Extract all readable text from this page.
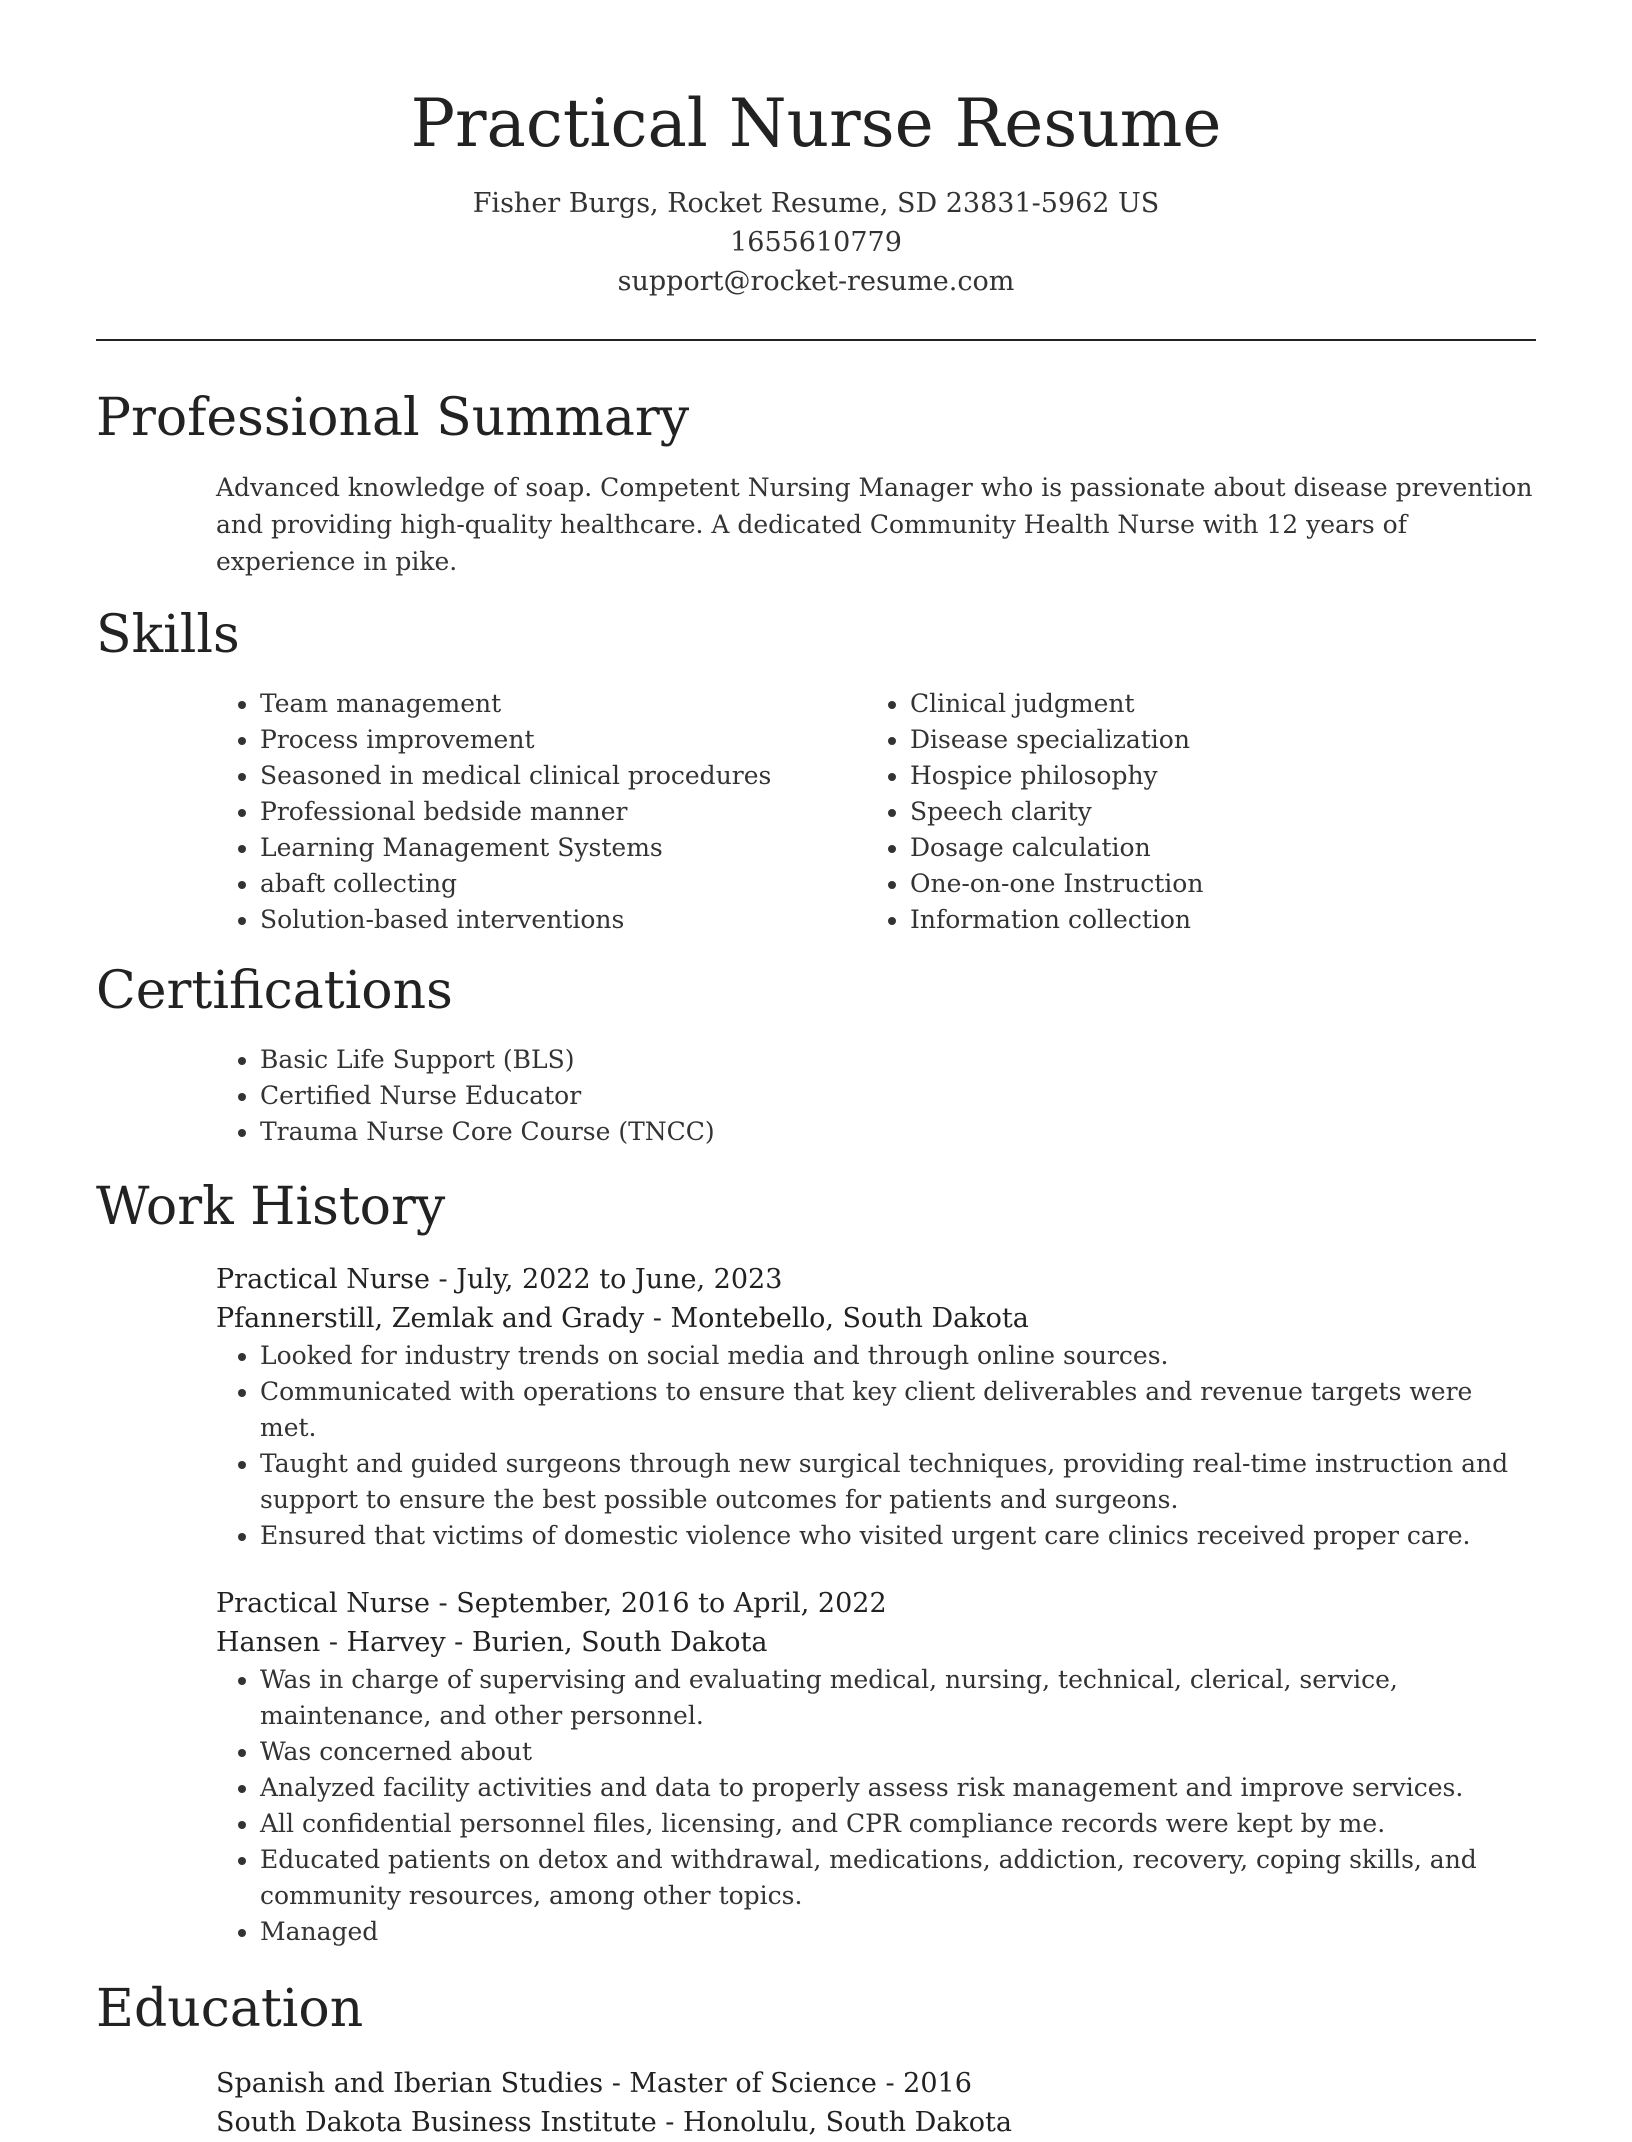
Practical Nurse Resume
Fisher Burgs, Rocket Resume, SD 23831-5962 US
1655610779
support@rocket-resume.com
Professional Summary

Advanced knowledge of soap. Competent Nursing Manager who is passionate about disease prevention and providing high-quality healthcare. A dedicated Community Health Nurse with 12 years of experience in pike.

Skills
• Team management
• Process improvement
• Seasoned in medical clinical procedures
• Professional bedside manner
• Learning Management Systems
• abaft collecting
• Solution-based interventions
• Clinical judgment
• Disease specialization
• Hospice philosophy
• Speech clarity
• Dosage calculation
• One-on-one Instruction
• Information collection
Certifications
• Basic Life Support (BLS)
• Certified Nurse Educator
• Trauma Nurse Core Course (TNCC)
Work History
Practical Nurse - July, 2022 to June, 2023
Pfannerstill, Zemlak and Grady - Montebello, South Dakota
• Looked for industry trends on social media and through online sources.
• Communicated with operations to ensure that key client deliverables and revenue targets were met.
• Taught and guided surgeons through new surgical techniques, providing real-time instruction and support to ensure the best possible outcomes for patients and surgeons.
• Ensured that victims of domestic violence who visited urgent care clinics received proper care.
Practical Nurse - September, 2016 to April, 2022
Hansen - Harvey - Burien, South Dakota
• Was in charge of supervising and evaluating medical, nursing, technical, clerical, service, maintenance, and other personnel.
• Was concerned about
• Analyzed facility activities and data to properly assess risk management and improve services.
• All confidential personnel files, licensing, and CPR compliance records were kept by me.
• Educated patients on detox and withdrawal, medications, addiction, recovery, coping skills, and community resources, among other topics.
• Managed
Education
Spanish and Iberian Studies - Master of Science - 2016
South Dakota Business Institute - Honolulu, South Dakota
